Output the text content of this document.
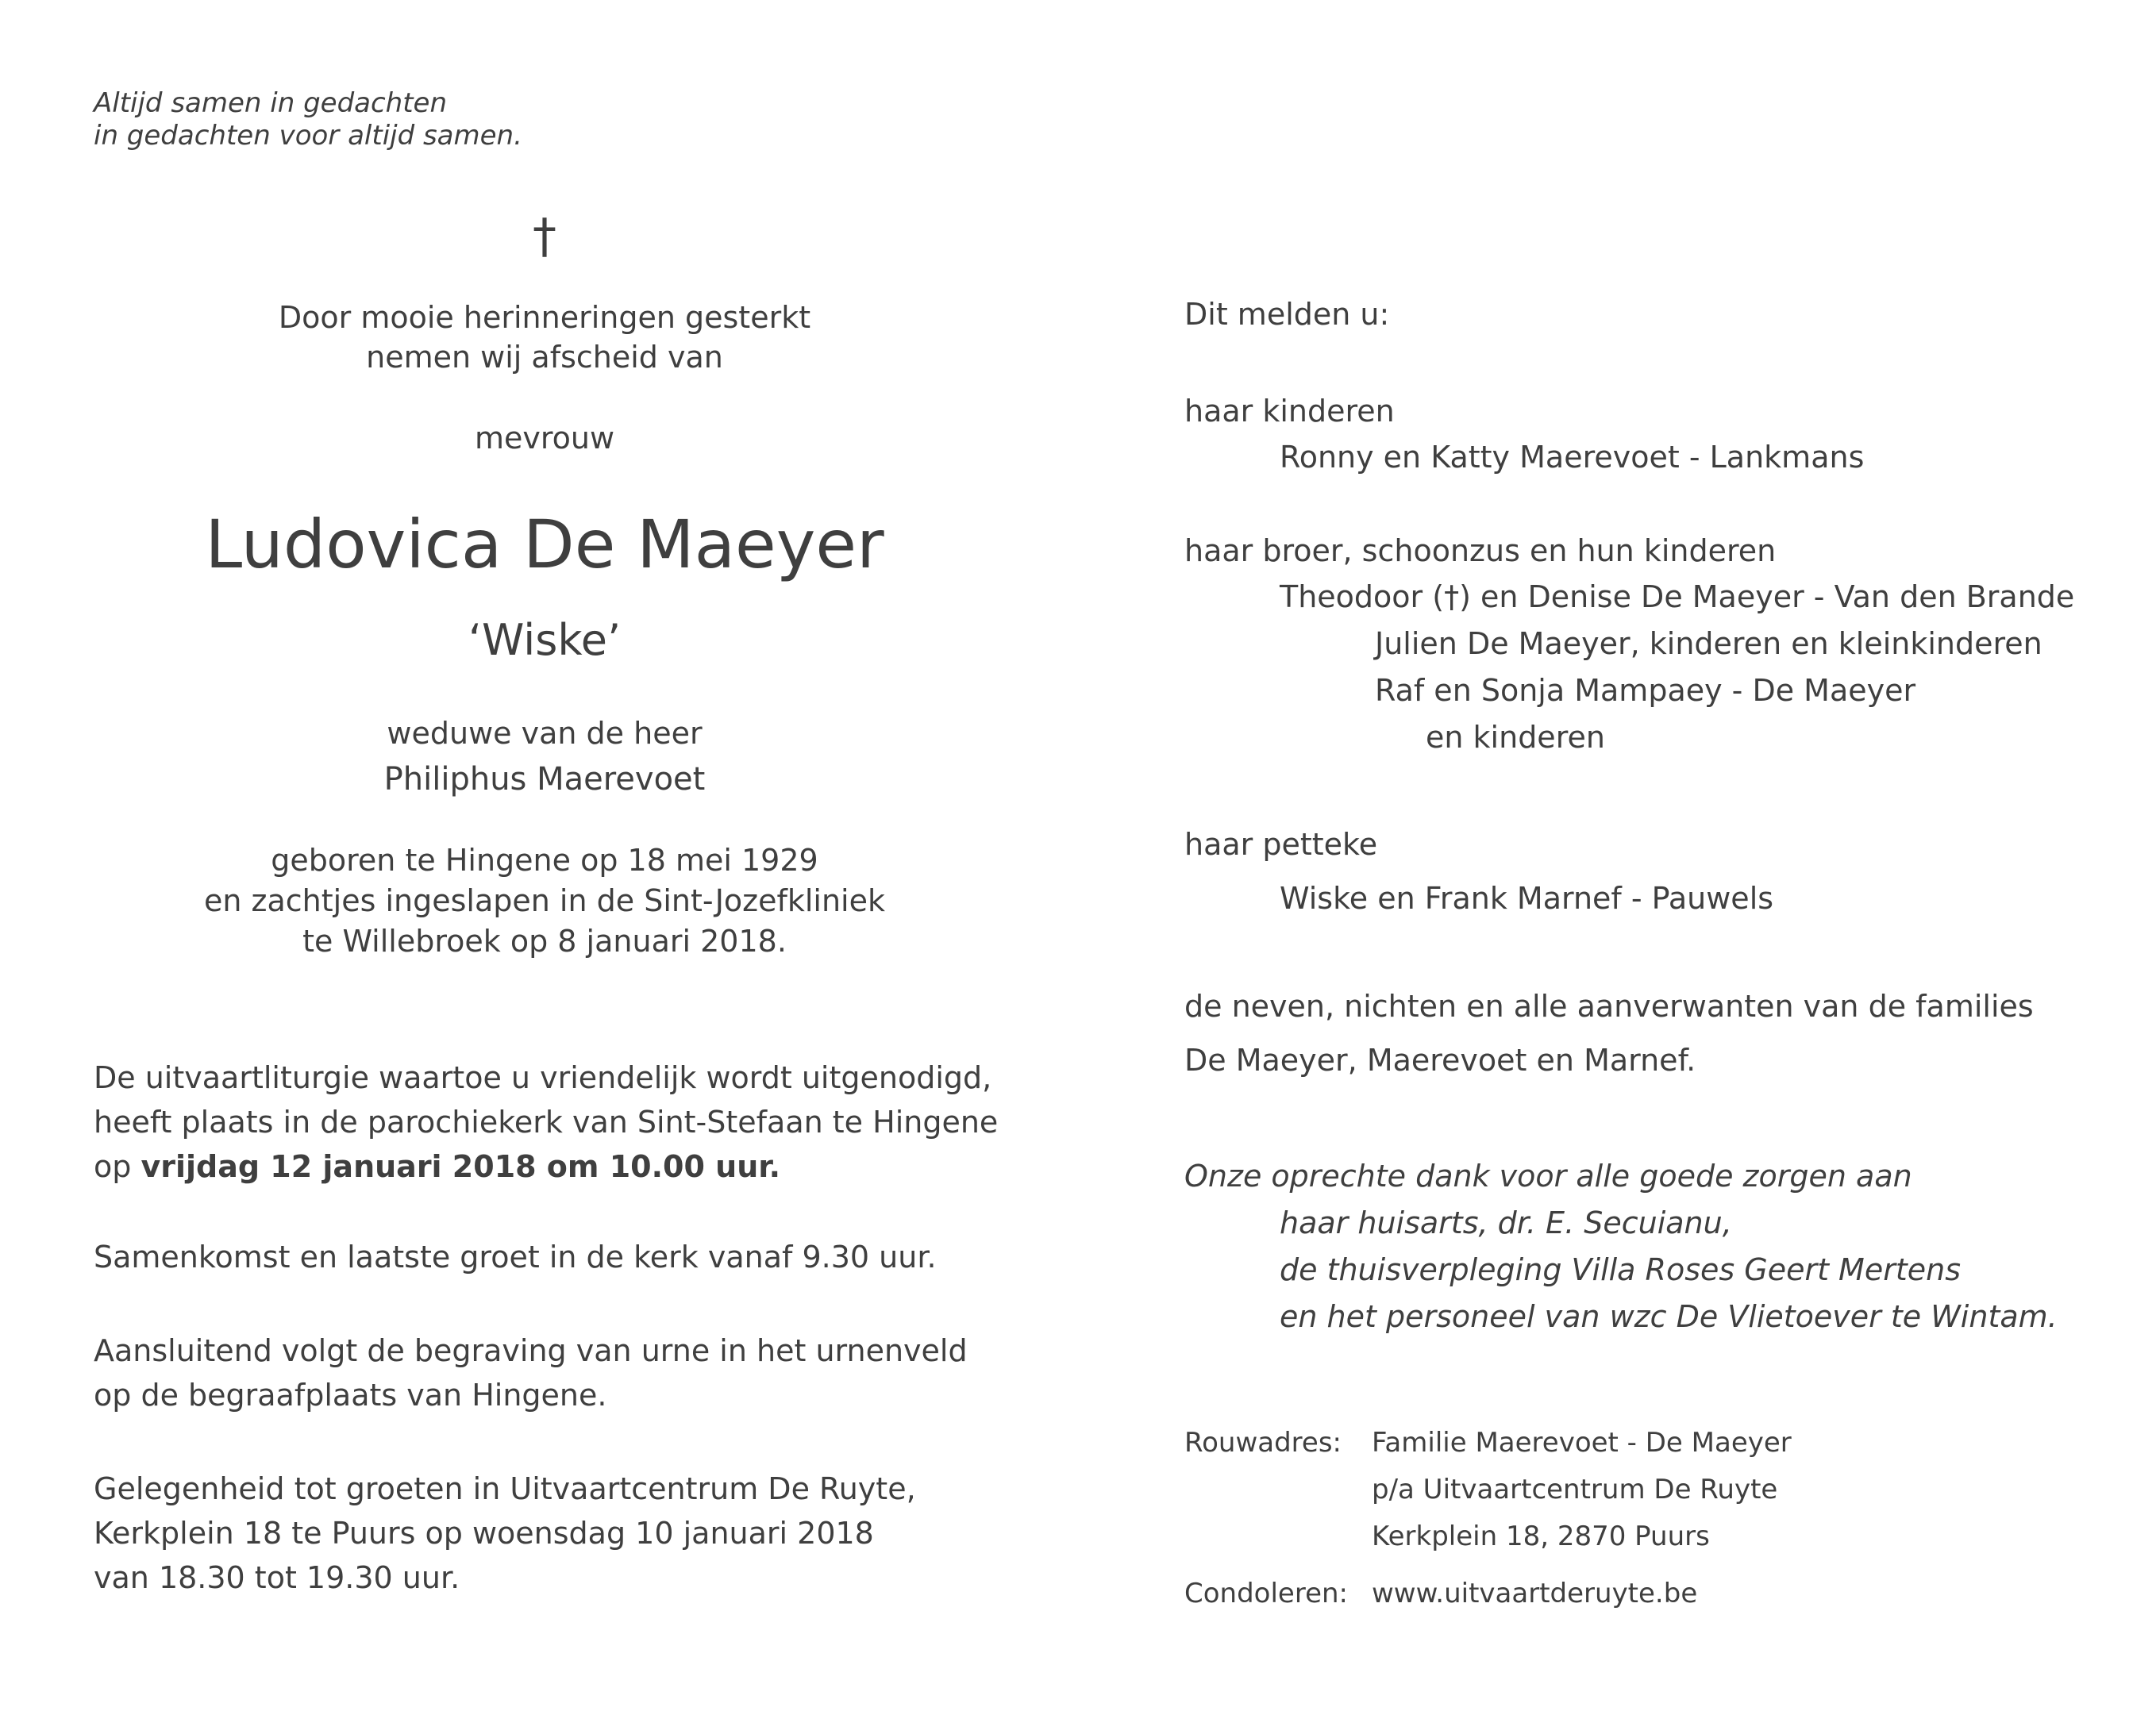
Altijd samen in gedachten
in gedachten voor altijd samen.
†
Door mooie herinneringen gesterkt
nemen wij afscheid van
mevrouw
Ludovica De Maeyer
‘Wiske’
weduwe van de heer
Philiphus Maerevoet
geboren te Hingene op 18 mei 1929
en zachtjes ingeslapen in de Sint-Jozefkliniek
te Willebroek op 8 januari 2018.
De uitvaartliturgie waartoe u vriendelijk wordt uitgenodigd,
heeft plaats in de parochiekerk van Sint-Stefaan te Hingene
op vrijdag 12 januari 2018 om 10.00 uur.
Samenkomst en laatste groet in de kerk vanaf 9.30 uur.
Aansluitend volgt de begraving van urne in het urnenveld
op de begraafplaats van Hingene.
Gelegenheid tot groeten in Uitvaartcentrum De Ruyte,
Kerkplein 18 te Puurs op woensdag 10 januari 2018
van 18.30 tot 19.30 uur.
Dit melden u:
haar kinderen
Ronny en Katty Maerevoet - Lankmans
haar broer, schoonzus en hun kinderen
Theodoor (†) en Denise De Maeyer - Van den Brande
Julien De Maeyer, kinderen en kleinkinderen
Raf en Sonja Mampaey - De Maeyer
en kinderen
haar petteke
Wiske en Frank Marnef - Pauwels
de neven, nichten en alle aanverwanten van de families
De Maeyer, Maerevoet en Marnef.
Onze oprechte dank voor alle goede zorgen aan
haar huisarts, dr. E. Secuianu,
de thuisverpleging Villa Roses Geert Mertens
en het personeel van wzc De Vlietoever te Wintam.
Rouwadres: Familie Maerevoet - De Maeyer
p/a Uitvaartcentrum De Ruyte
Kerkplein 18, 2870 Puurs
Condoleren: www.uitvaartderuyte.be
